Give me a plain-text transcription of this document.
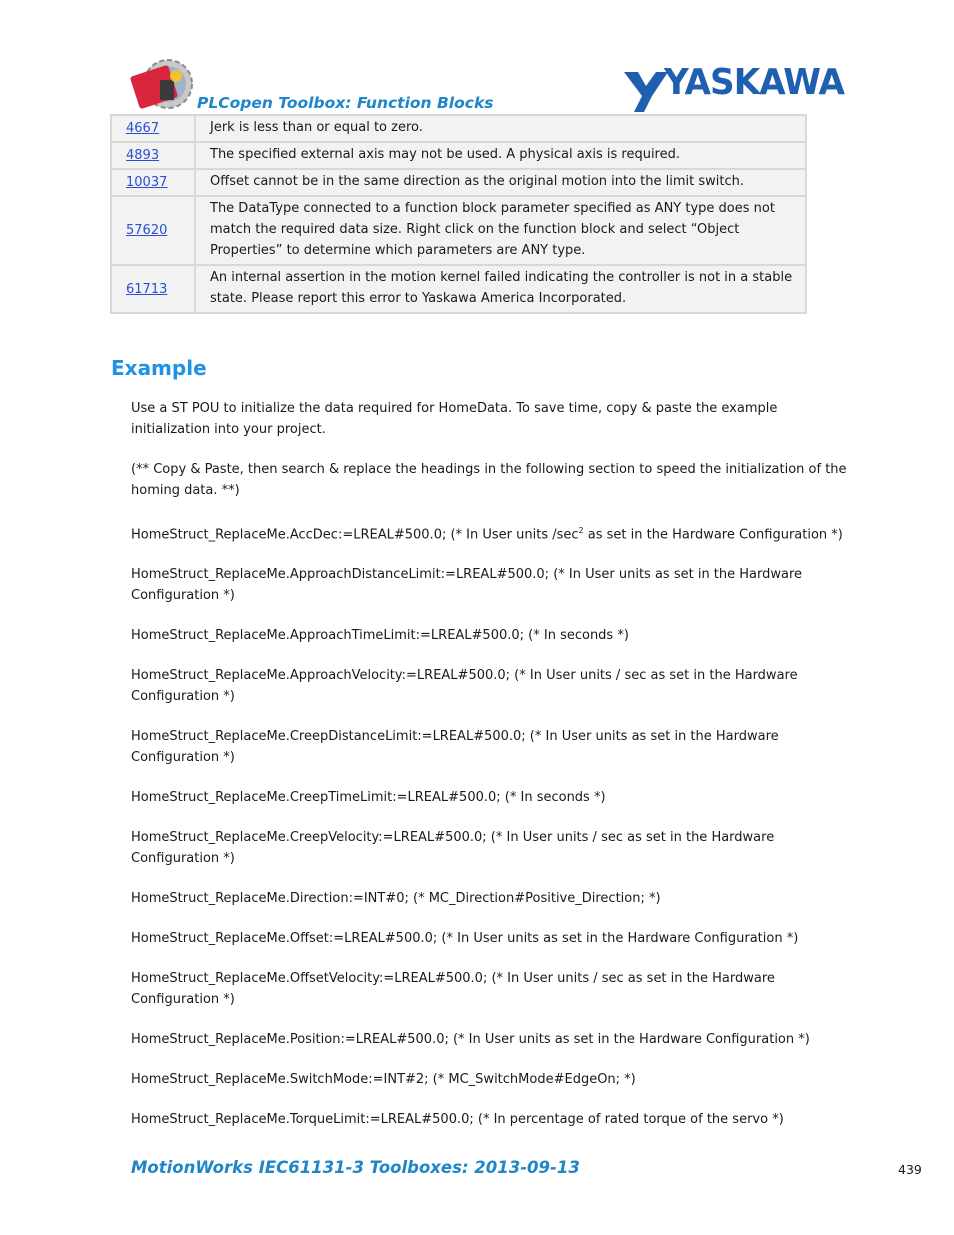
PLCopen Toolbox: Function Blocks	YASKAWA
4667	Jerk is less than or equal to zero.
4893	The specified external axis may not be used. A physical axis is required.
10037	Offset cannot be in the same direction as the original motion into the limit switch.
57620	The DataType connected to a function block parameter specified as ANY type does not match the required data size. Right click on the function block and select “Object Properties” to determine which parameters are ANY type.
61713	An internal assertion in the motion kernel failed indicating the controller is not in a stable state. Please report this error to Yaskawa America Incorporated.
Example

Use a ST POU to initialize the data required for HomeData. To save time, copy & paste the example initialization into your project.

(** Copy & Paste, then search & replace the headings in the following section to speed the initialization of the homing data. **)

HomeStruct_ReplaceMe.AccDec:=LREAL#500.0; (* In User units $/\sec^2$ as set in the Hardware Configuration *)

HomeStruct_ReplaceMe.ApproachDistanceLimit:=LREAL#500.0; (* In User units as set in the Hardware Configuration *)

HomeStruct_ReplaceMe.ApproachTimeLimit:=LREAL#500.0; (* In seconds *)

HomeStruct_ReplaceMe.ApproachVelocity:=LREAL#500.0; (* In User units / sec as set in the Hardware Configuration *)

HomeStruct_ReplaceMe.CreepDistanceLimit:=LREAL#500.0; (* In User units as set in the Hardware Configuration *)

HomeStruct_ReplaceMe.CreepTimeLimit:=LREAL#500.0; (* In seconds *)

HomeStruct_ReplaceMe.CreepVelocity:=LREAL#500.0; (* In User units / sec as set in the Hardware Configuration *)

HomeStruct_ReplaceMe.Direction:=INT#0; (* MC_Direction#Positive_Direction; *)

HomeStruct_ReplaceMe.Offset:=LREAL#500.0; (* In User units as set in the Hardware Configuration *)

HomeStruct_ReplaceMe.OffsetVelocity:=LREAL#500.0; (* In User units / sec as set in the Hardware Configuration *)

HomeStruct_ReplaceMe.Position:=LREAL#500.0; (* In User units as set in the Hardware Configuration *)

HomeStruct_ReplaceMe.SwitchMode:=INT#2; (* MC_SwitchMode#EdgeOn; *)

HomeStruct_ReplaceMe.TorqueLimit:=LREAL#500.0; (* In percentage of rated torque of the servo *)

MotionWorks IEC61131-3 Toolboxes: 2013-09-13	439
